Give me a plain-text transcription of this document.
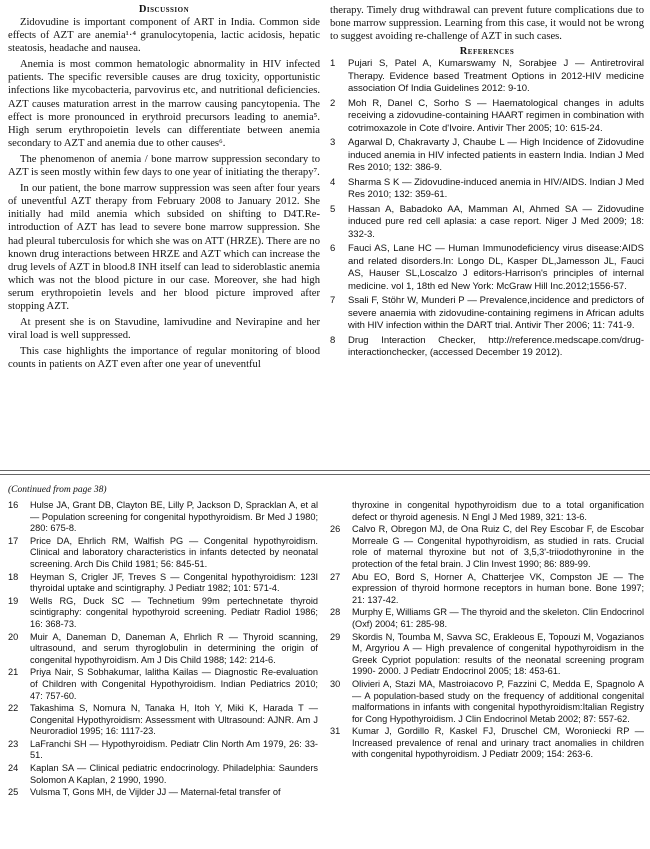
Discussion

Zidovudine is important component of ART in India. Common side effects of AZT are anemia¹·⁴ granulocytopenia, lactic acidosis, hepatic steatosis, headache and nausea.

Anemia is most common hematologic abnormality in HIV infected patients. The specific reversible causes are drug toxicity, opportunistic infections like mycobacteria, parvovirus etc, and nutritional deficiencies. AZT causes maturation arrest in the marrow causing pancytopenia. The effect is more pronounced in erythroid precursors leading to anemia⁵. High serum erythropoietin levels can differentiate between anemia secondary to AZT and anemia due to other causes⁶.

The phenomenon of anemia / bone marrow suppression secondary to AZT is seen mostly within few days to one year of initiating the therapy⁷.

In our patient, the bone marrow suppression was seen after four years of uneventful AZT therapy from February 2008 to January 2012. She initially had mild anemia which subsided on shifting to D4T.Re- introduction of AZT has lead to severe bone marrow suppression. She had pleural tuberculosis for which she was on ATT (HRZE). There are no known drug interactions between HRZE and AZT which can increase the drug levels of AZT in blood.8 INH itself can lead to sideroblastic anemia which was not the blood picture in our case. Moreover, she had high serum erythropoietin levels and her blood picture improved after stopping AZT.

At present she is on Stavudine, lamivudine and Nevirapine and her viral load is well suppressed.

This case highlights the importance of regular monitoring of blood counts in patients on AZT even after one year of uneventful

therapy. Timely drug withdrawal can prevent future complications due to bone marrow suppression. Learning from this case, it would not be wrong to suggest avoiding re-challenge of AZT in such cases.

References
1	Pujari S, Patel A, Kumarswamy N, Sorabjee J — Antiretroviral Therapy. Evidence based Treatment Options in 2012-HIV medicine association Of India Guidelines 2012: 9-10.
2	Moh R, Danel C, Sorho S — Haematological changes in adults receiving a zidovudine-containing HAART regimen in combination with cotrimoxazole in Cote d'Ivoire. Antivir Ther 2005; 10: 615-24.
3	Agarwal D, Chakravarty J, Chaube L — High Incidence of Zidovudine induced anemia in HIV infected patients in eastern India. Indian J Med Res 2010; 132: 386-9.
4	Sharma S K — Zidovudine-induced anemia in HIV/AIDS. Indian J Med Res 2010; 132: 359-61.
5	Hassan A, Babadoko AA, Mamman AI, Ahmed SA — Zidovudine induced pure red cell aplasia: a case report. Niger J Med 2009; 18: 332-3.
6	Fauci AS, Lane HC — Human Immunodeficiency virus disease:AIDS and related disorders.In: Longo DL, Kasper DL,Jamesson JL, Fauci AS, Hauser SL,Loscalzo J editors-Harrison's principles of internal medicine. vol 1, 18th ed New York: McGraw Hill Inc.2012;1556-57.
7	Ssali F, Stöhr W, Munderi P — Prevalence,incidence and predictors of severe anaemia with zidovudine-containing regimens in African adults with HIV infection within the DART trial. Antivir Ther 2006; 11: 741-9.
8	Drug Interaction Checker, http://reference.medscape.com/drug-interactionchecker, (accessed December 19 2012).
(Continued from page 38)
16	Hulse JA, Grant DB, Clayton BE, Lilly P, Jackson D, Spracklan A, et al — Population screening for congenital hypothyroidism. Br Med J 1980; 280: 675-8.
17	Price DA, Ehrlich RM, Walfish PG — Congenital hypothyroidism. Clinical and laboratory characteristics in infants detected by neonatal screening. Arch Dis Child 1981; 56: 845-51.
18	Heyman S, Crigler JF, Treves S — Congenital hypothyroidism: 123I thyroidal uptake and scintigraphy. J Pediatr 1982; 101: 571-4.
19	Wells RG, Duck SC — Technetium 99m pertechnetate thyroid scintigraphy: congenital hypothyroid screening. Pediatr Radiol 1986; 16: 368-73.
20	Muir A, Daneman D, Daneman A, Ehrlich R — Thyroid scanning, ultrasound, and serum thyroglobulin in determining the origin of congenital hypothyroidism. Am J Dis Child 1988; 142: 214-6.
21	Priya Nair, S Sobhakumar, lalitha Kailas — Diagnostic Re-evaluation of Children with Congenital Hypothyroidism. Indian Pediatrics 2010; 47: 757-60.
22	Takashima S, Nomura N, Tanaka H, Itoh Y, Miki K, Harada T — Congenital Hypothyroidism: Assessment with Ultrasound: AJNR. Am J Neuroradiol 1995; 16: 1117-23.
23	LaFranchi SH — Hypothyroidism. Pediatr Clin North Am 1979, 26: 33-51.
24	Kaplan SA — Clinical pediatric endocrinology. Philadelphia: Saunders Solomon A Kaplan, 2 1990, 1990.
25	Vulsma T, Gons MH, de Vijlder JJ — Maternal-fetal transfer of
thyroxine in congenital hypothyroidism due to a total organification defect or thyroid agenesis. N Engl J Med 1989, 321: 13-6.
26	Calvo R, Obregon MJ, de Ona Ruiz C, del Rey Escobar F, de Escobar Morreale G — Congenital hypothyroidism, as studied in rats. Crucial role of maternal thyroxine but not of 3,5,3'-triiodothyronine in the protection of the fetal brain. J Clin Invest 1990; 86: 889-99.
27	Abu EO, Bord S, Horner A, Chatterjee VK, Compston JE — The expression of thyroid hormone receptors in human bone. Bone 1997; 21: 137-42.
28	Murphy E, Williams GR — The thyroid and the skeleton. Clin Endocrinol (Oxf) 2004; 61: 285-98.
29	Skordis N, Toumba M, Savva SC, Erakleous E, Topouzi M, Vogazianos M, Argyriou A — High prevalence of congenital hypothyroidism in the Greek Cypriot population: results of the neonatal screening program 1990- 2000. J Pediatr Endocrinol 2005; 18: 453-61.
30	Olivieri A, Stazi MA, Mastroiacovo P, Fazzini C, Medda E, Spagnolo A — A population-based study on the frequency of additional congenital malformations in infants with congenital hypothyroidism:Italian Registry for Cong Hypothyroidism. J Clin Endocrinol Metab 2002; 87: 557-62.
31	Kumar J, Gordillo R, Kaskel FJ, Druschel CM, Woroniecki RP — Increased prevalence of renal and urinary tract anomalies in children with congenital hypothyroidism. J Pediatr 2009; 154: 263-6.
